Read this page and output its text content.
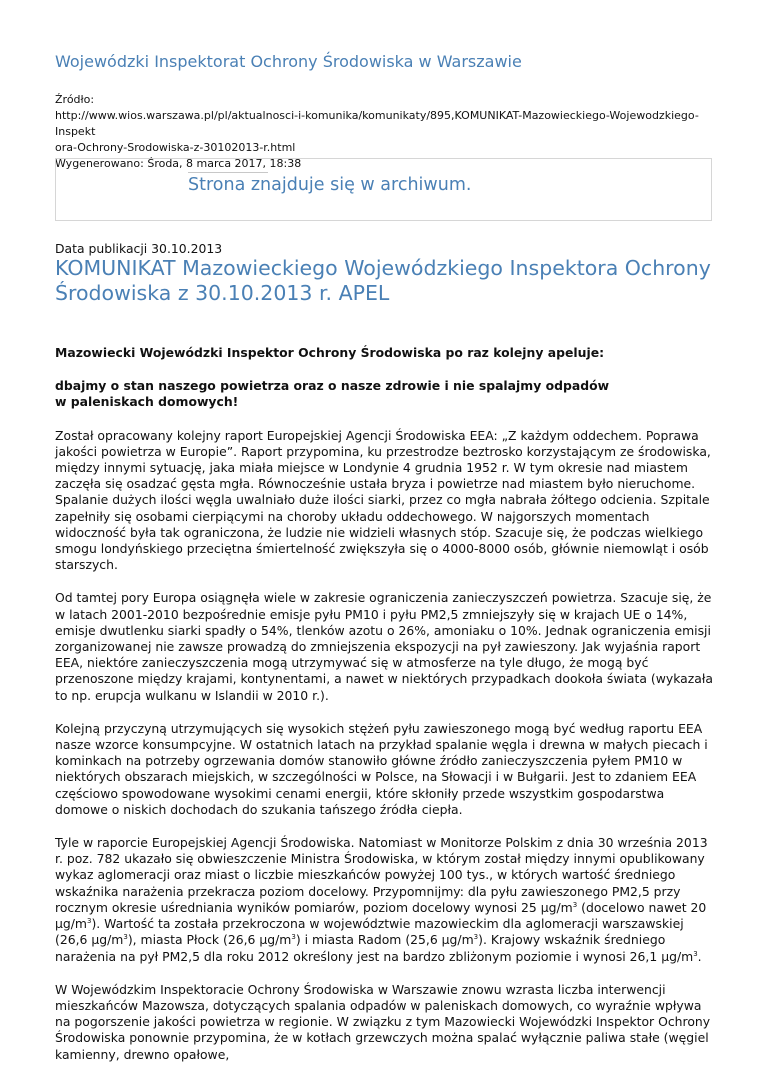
Wojewódzki Inspektorat Ochrony Środowiska w Warszawie
Źródło:
http://www.wios.warszawa.pl/pl/aktualnosci-i-komunika/komunikaty/895,KOMUNIKAT-Mazowieckiego-Wojewodzkiego-Inspekt
ora-Ochrony-Srodowiska-z-30102013-r.html
Wygenerowano: Środa, 8 marca 2017, 18:38
Strona znajduje się w archiwum.
Data publikacji 30.10.2013
KOMUNIKAT Mazowieckiego Wojewódzkiego Inspektora Ochrony
Środowiska z 30.10.2013 r. APEL

Mazowiecki Wojewódzki Inspektor Ochrony Środowiska po raz kolejny apeluje:

dbajmy o stan naszego powietrza oraz o nasze zdrowie i nie spalajmy odpadów
w paleniskach domowych!

Został opracowany kolejny raport Europejskiej Agencji Środowiska EEA: „Z każdym oddechem. Poprawa jakości powietrza w Europie”. Raport przypomina, ku przestrodze beztrosko korzystającym ze środowiska, między innymi sytuację, jaka miała miejsce w Londynie 4 grudnia 1952 r. W tym okresie nad miastem zaczęła się osadzać gęsta mgła. Równocześnie ustała bryza i powietrze nad miastem było nieruchome. Spalanie dużych ilości węgla uwalniało duże ilości siarki, przez co mgła nabrała żółtego odcienia. Szpitale zapełniły się osobami cierpiącymi na choroby układu oddechowego. W najgorszych momentach widoczność była tak ograniczona, że ludzie nie widzieli własnych stóp. Szacuje się, że podczas wielkiego smogu londyńskiego przeciętna śmiertelność zwiększyła się o 4000-8000 osób, głównie niemowląt i osób starszych.

Od tamtej pory Europa osiągnęła wiele w zakresie ograniczenia zanieczyszczeń powietrza. Szacuje się, że w latach 2001-2010 bezpośrednie emisje pyłu PM10 i pyłu PM2,5 zmniejszyły się w krajach UE o 14%, emisje dwutlenku siarki spadły o 54%, tlenków azotu o 26%, amoniaku o 10%. Jednak ograniczenia emisji zorganizowanej nie zawsze prowadzą do zmniejszenia ekspozycji na pył zawieszony. Jak wyjaśnia raport EEA, niektóre zanieczyszczenia mogą utrzymywać się w atmosferze na tyle długo, że mogą być przenoszone między krajami, kontynentami, a nawet w niektórych przypadkach dookoła świata (wykazała to np. erupcja wulkanu w Islandii w 2010 r.).

Kolejną przyczyną utrzymujących się wysokich stężeń pyłu zawieszonego mogą być według raportu EEA nasze wzorce konsumpcyjne. W ostatnich latach na przykład spalanie węgla i drewna w małych piecach i kominkach na potrzeby ogrzewania domów stanowiło główne źródło zanieczyszczenia pyłem PM10 w niektórych obszarach miejskich, w szczególności w Polsce, na Słowacji i w Bułgarii. Jest to zdaniem EEA częściowo spowodowane wysokimi cenami energii, które skłoniły przede wszystkim gospodarstwa domowe o niskich dochodach do szukania tańszego źródła ciepła.

Tyle w raporcie Europejskiej Agencji Środowiska. Natomiast w Monitorze Polskim z dnia 30 września 2013 r. poz. 782 ukazało się obwieszczenie Ministra Środowiska, w którym został między innymi opublikowany wykaz aglomeracji oraz miast o liczbie mieszkańców powyżej 100 tys., w których wartość średniego wskaźnika narażenia przekracza poziom docelowy. Przypomnijmy: dla pyłu zawieszonego PM2,5 przy rocznym okresie uśredniania wyników pomiarów, poziom docelowy wynosi 25 $\mu g/m^3$ (docelowo nawet 20 $\mu g/m^3$). Wartość ta została przekroczona w województwie mazowieckim dla aglomeracji warszawskiej (26,6 $\mu g/m^3$), miasta Płock (26,6 $\mu g/m^3$) i miasta Radom (25,6 $\mu g/m^3$). Krajowy wskaźnik średniego narażenia na pył PM2,5 dla roku 2012 określony jest na bardzo zbliżonym poziomie i wynosi 26,1 $\mu g/m^3$.

W Wojewódzkim Inspektoracie Ochrony Środowiska w Warszawie znowu wzrasta liczba interwencji mieszkańców Mazowsza, dotyczących spalania odpadów w paleniskach domowych, co wyraźnie wpływa na pogorszenie jakości powietrza w regionie. W związku z tym Mazowiecki Wojewódzki Inspektor Ochrony Środowiska ponownie przypomina, że w kotłach grzewczych można spalać wyłącznie paliwa stałe (węgiel kamienny, drewno opałowe,
